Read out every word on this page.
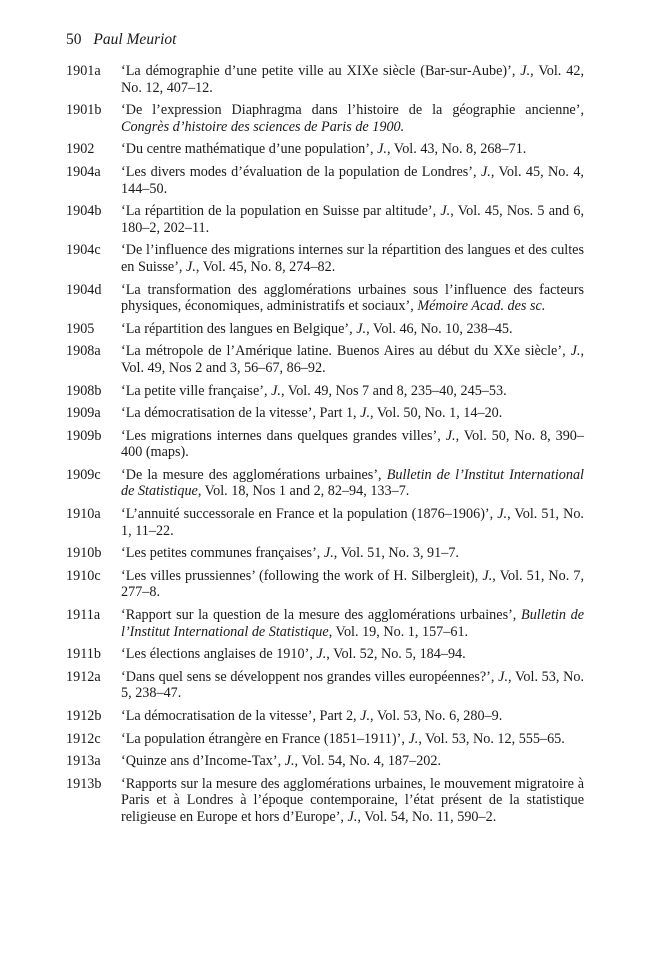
50 Paul Meuriot
1901a	‘La démographie d’une petite ville au XIXe siècle (Bar-sur-Aube)’, J., Vol. 42, No. 12, 407–12.
1901b	‘De l’expression Diaphragma dans l’histoire de la géographie ancienne’, Congrès d’histoire des sciences de Paris de 1900.
1902	‘Du centre mathématique d’une population’, J., Vol. 43, No. 8, 268–71.
1904a	‘Les divers modes d’évaluation de la population de Londres’, J., Vol. 45, No. 4, 144–50.
1904b	‘La répartition de la population en Suisse par altitude’, J., Vol. 45, Nos. 5 and 6, 180–2, 202–11.
1904c	‘De l’influence des migrations internes sur la répartition des langues et des cultes en Suisse’, J., Vol. 45, No. 8, 274–82.
1904d	‘La transformation des agglomérations urbaines sous l’influence des facteurs physiques, économiques, administratifs et sociaux’, Mémoire Acad. des sc.
1905	‘La répartition des langues en Belgique’, J., Vol. 46, No. 10, 238–45.
1908a	‘La métropole de l’Amérique latine. Buenos Aires au début du XXe siècle’, J., Vol. 49, Nos 2 and 3, 56–67, 86–92.
1908b	‘La petite ville française’, J., Vol. 49, Nos 7 and 8, 235–40, 245–53.
1909a	‘La démocratisation de la vitesse’, Part 1, J., Vol. 50, No. 1, 14–20.
1909b	‘Les migrations internes dans quelques grandes villes’, J., Vol. 50, No. 8, 390–400 (maps).
1909c	‘De la mesure des agglomérations urbaines’, Bulletin de l’Institut International de Statistique, Vol. 18, Nos 1 and 2, 82–94, 133–7.
1910a	‘L’annuité successorale en France et la population (1876–1906)’, J., Vol. 51, No. 1, 11–22.
1910b	‘Les petites communes françaises’, J., Vol. 51, No. 3, 91–7.
1910c	‘Les villes prussiennes’ (following the work of H. Silbergleit), J., Vol. 51, No. 7, 277–8.
1911a	‘Rapport sur la question de la mesure des agglomérations urbaines’, Bulletin de l’Institut International de Statistique, Vol. 19, No. 1, 157–61.
1911b	‘Les élections anglaises de 1910’, J., Vol. 52, No. 5, 184–94.
1912a	‘Dans quel sens se développent nos grandes villes européennes?’, J., Vol. 53, No. 5, 238–47.
1912b	‘La démocratisation de la vitesse’, Part 2, J., Vol. 53, No. 6, 280–9.
1912c	‘La population étrangère en France (1851–1911)’, J., Vol. 53, No. 12, 555–65.
1913a	‘Quinze ans d’Income-Tax’, J., Vol. 54, No. 4, 187–202.
1913b	‘Rapports sur la mesure des agglomérations urbaines, le mouvement migratoire à Paris et à Londres à l’époque contemporaine, l’état présent de la statistique religieuse en Europe et hors d’Europe’, J., Vol. 54, No. 11, 590–2.
